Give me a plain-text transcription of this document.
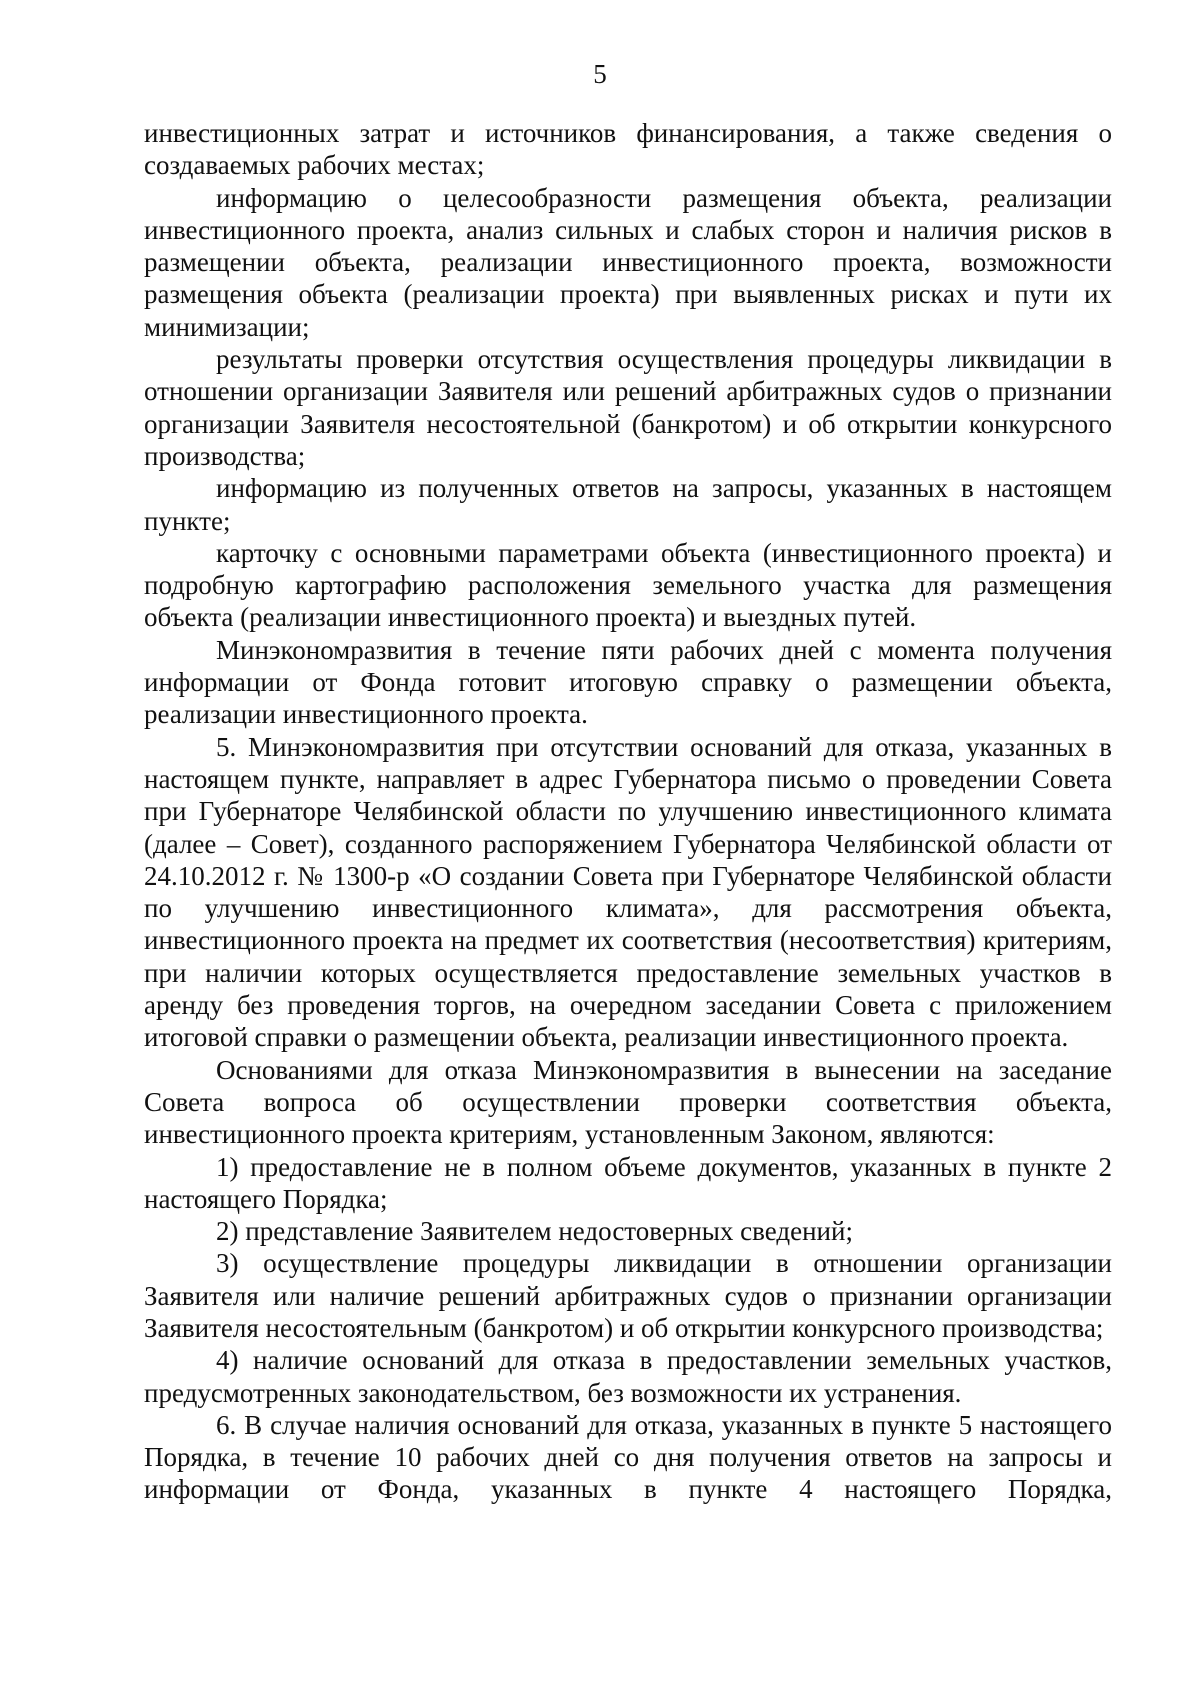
5

инвестиционных затрат и источников финансирования, а также сведения о создаваемых рабочих местах;

информацию о целесообразности размещения объекта, реализации инвестиционного проекта, анализ сильных и слабых сторон и наличия рисков в размещении объекта, реализации инвестиционного проекта, возможности размещения объекта (реализации проекта) при выявленных рисках и пути их минимизации;

результаты проверки отсутствия осуществления процедуры ликвидации в отношении организации Заявителя или решений арбитражных судов о признании организации Заявителя несостоятельной (банкротом) и об открытии конкурсного производства;

информацию из полученных ответов на запросы, указанных в настоящем пункте;

карточку с основными параметрами объекта (инвестиционного проекта) и подробную картографию расположения земельного участка для размещения объекта (реализации инвестиционного проекта) и выездных путей.

Минэкономразвития в течение пяти рабочих дней с момента получения информации от Фонда готовит итоговую справку о размещении объекта, реализации инвестиционного проекта.

5. Минэкономразвития при отсутствии оснований для отказа, указанных в настоящем пункте, направляет в адрес Губернатора письмо о проведении Совета при Губернаторе Челябинской области по улучшению инвестиционного климата (далее – Совет), созданного распоряжением Губернатора Челябинской области от 24.10.2012 г. № 1300-р «О создании Совета при Губернаторе Челябинской области по улучшению инвестиционного климата», для рассмотрения объекта, инвестиционного проекта на предмет их соответствия (несоответствия) критериям, при наличии которых осуществляется предоставление земельных участков в аренду без проведения торгов, на очередном заседании Совета с приложением итоговой справки о размещении объекта, реализации инвестиционного проекта.

Основаниями для отказа Минэкономразвития в вынесении на заседание Совета вопроса об осуществлении проверки соответствия объекта, инвестиционного проекта критериям, установленным Законом, являются:

1) предоставление не в полном объеме документов, указанных в пункте 2 настоящего Порядка;

2) представление Заявителем недостоверных сведений;

3) осуществление процедуры ликвидации в отношении организации Заявителя или наличие решений арбитражных судов о признании организации Заявителя несостоятельным (банкротом) и об открытии конкурсного производства;

4) наличие оснований для отказа в предоставлении земельных участков, предусмотренных законодательством, без возможности их устранения.

6. В случае наличия оснований для отказа, указанных в пункте 5 настоящего Порядка, в течение 10 рабочих дней со дня получения ответов на запросы и информации от Фонда, указанных в пункте 4 настоящего Порядка,
